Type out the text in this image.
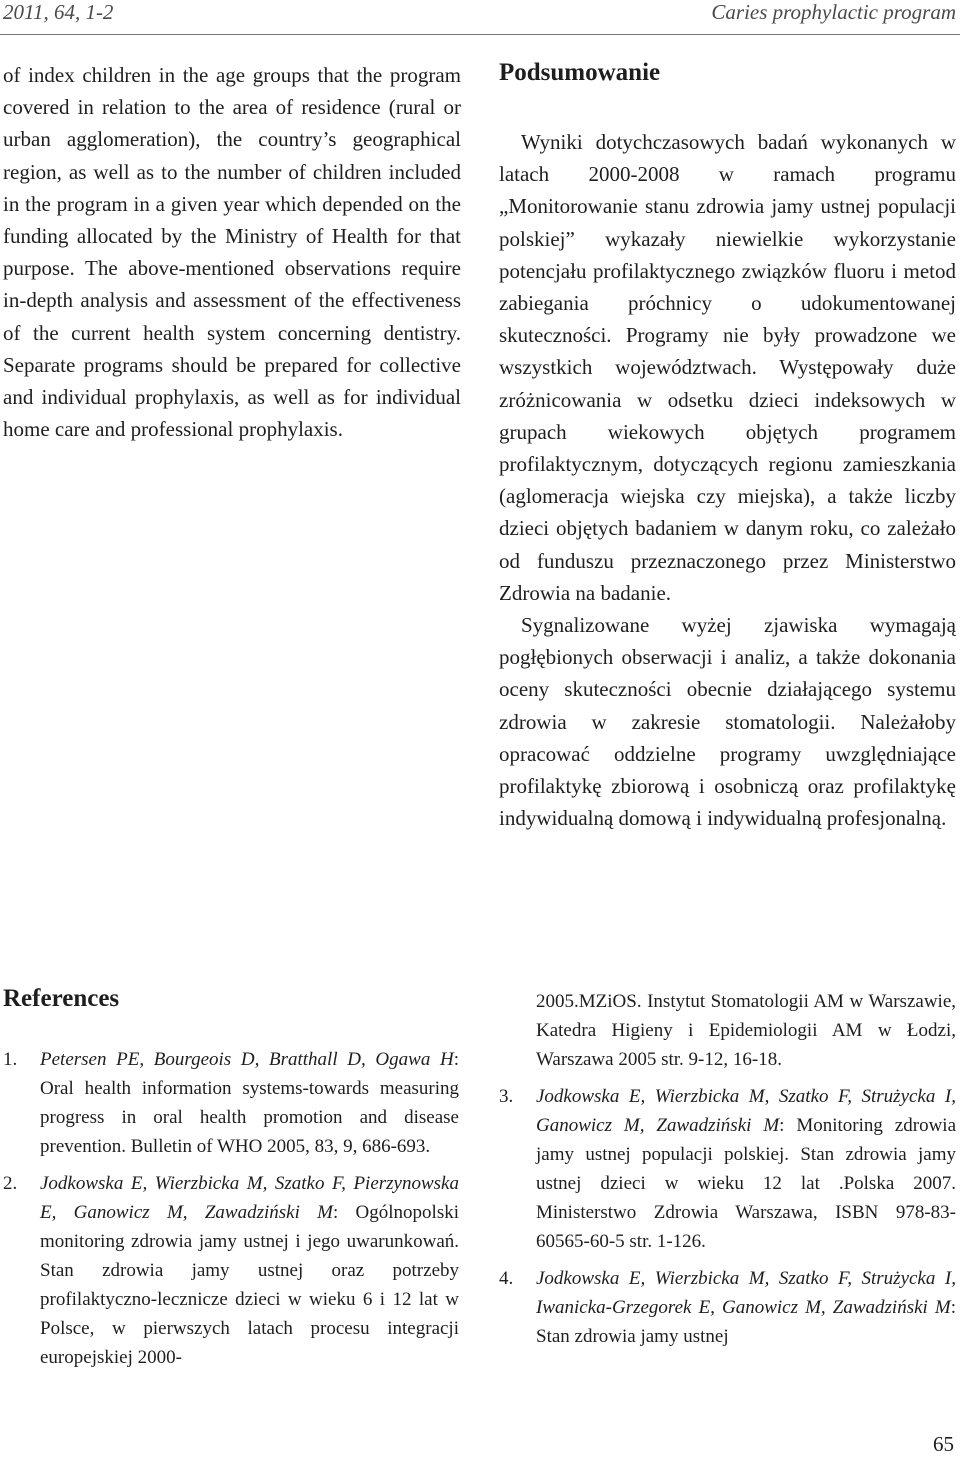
2011, 64, 1-2	Caries prophylactic program

of index children in the age groups that the program covered in relation to the area of residence (rural or urban agglomeration), the country’s geographical region, as well as to the number of children included in the program in a given year which depended on the funding allocated by the Ministry of Health for that purpose. The above-mentioned observations require in-depth analysis and assessment of the effectiveness of the current health system concerning dentistry. Separate programs should be prepared for collective and individual prophylaxis, as well as for individual home care and professional prophylaxis.

Podsumowanie

Wyniki dotychczasowych badań wykonanych w latach 2000-2008 w ramach programu „Monitorowanie stanu zdrowia jamy ustnej populacji polskiej” wykazały niewielkie wykorzystanie potencjału profilaktycznego związków fluoru i metod zabiegania próchnicy o udokumentowanej skuteczności. Programy nie były prowadzone we wszystkich województwach. Występowały duże zróżnicowania w odsetku dzieci indeksowych w grupach wiekowych objętych programem profilaktycznym, dotyczących regionu zamieszkania (aglomeracja wiejska czy miejska), a także liczby dzieci objętych badaniem w danym roku, co zależało od funduszu przeznaczonego przez Ministerstwo Zdrowia na badanie.

Sygnalizowane wyżej zjawiska wymagają pogłębionych obserwacji i analiz, a także dokonania oceny skuteczności obecnie działającego systemu zdrowia w zakresie stomatologii. Należałoby opracować oddzielne programy uwzględniające profilaktykę zbiorową i osobniczą oraz profilaktykę indywidualną domową i indywidualną profesjonalną.

References

1. Petersen PE, Bourgeois D, Bratthall D, Ogawa H: Oral health information systems-towards measuring progress in oral health promotion and disease prevention. Bulletin of WHO 2005, 83, 9, 686-693.

2. Jodkowska E, Wierzbicka M, Szatko F, Pierzynowska E, Ganowicz M, Zawadziński M: Ogólnopolski monitoring zdrowia jamy ustnej i jego uwarunkowań. Stan zdrowia jamy ustnej oraz potrzeby profilaktyczno-lecznicze dzieci w wieku 6 i 12 lat w Polsce, w pierwszych latach procesu integracji europejskiej 2000-

2005.MZiOS. Instytut Stomatologii AM w Warszawie, Katedra Higieny i Epidemiologii AM w Łodzi, Warszawa 2005 str. 9-12, 16-18.

3. Jodkowska E, Wierzbicka M, Szatko F, Strużycka I, Ganowicz M, Zawadziński M: Monitoring zdrowia jamy ustnej populacji polskiej. Stan zdrowia jamy ustnej dzieci w wieku 12 lat .Polska 2007. Ministerstwo Zdrowia Warszawa, ISBN 978-83-60565-60-5 str. 1-126.

4. Jodkowska E, Wierzbicka M, Szatko F, Strużycka I, Iwanicka-Grzegorek E, Ganowicz M, Zawadziński M: Stan zdrowia jamy ustnej

65
